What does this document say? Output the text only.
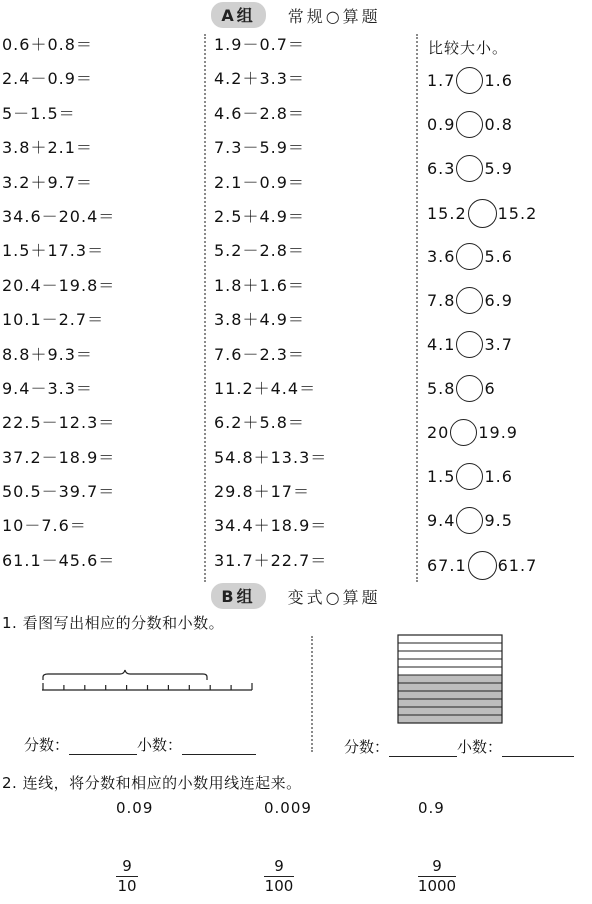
A组	常规○算题
0.6＋0.8＝
2.4－0.9＝
5－1.5＝
3.8＋2.1＝
3.2＋9.7＝
34.6－20.4＝
1.5＋17.3＝
20.4－19.8＝
10.1－2.7＝
8.8＋9.3＝
9.4－3.3＝
22.5－12.3＝
37.2－18.9＝
50.5－39.7＝
10－7.6＝
61.1－45.6＝
1.9－0.7＝
4.2＋3.3＝
4.6－2.8＝
7.3－5.9＝
2.1－0.9＝
2.5＋4.9＝
5.2－2.8＝
1.8＋1.6＝
3.8＋4.9＝
7.6－2.3＝
11.2＋4.4＝
6.2＋5.8＝
54.8＋13.3＝
29.8＋17＝
34.4＋18.9＝
31.7＋22.7＝
比较大小。
1.7 1.6
0.9 0.8
6.3 5.9
15.2 15.2
3.6 5.6
7.8 6.9
4.1 3.7
5.8 6
20 19.9
1.5 1.6
9.4 9.5
67.1 61.7
B组	变式○算题
1. 看图写出相应的分数和小数。
分数：	小数：	分数：	小数：
2. 连线，将分数和相应的小数用线连起来。
0.09	0.009	0.9
9
10
9
100
9
1000
